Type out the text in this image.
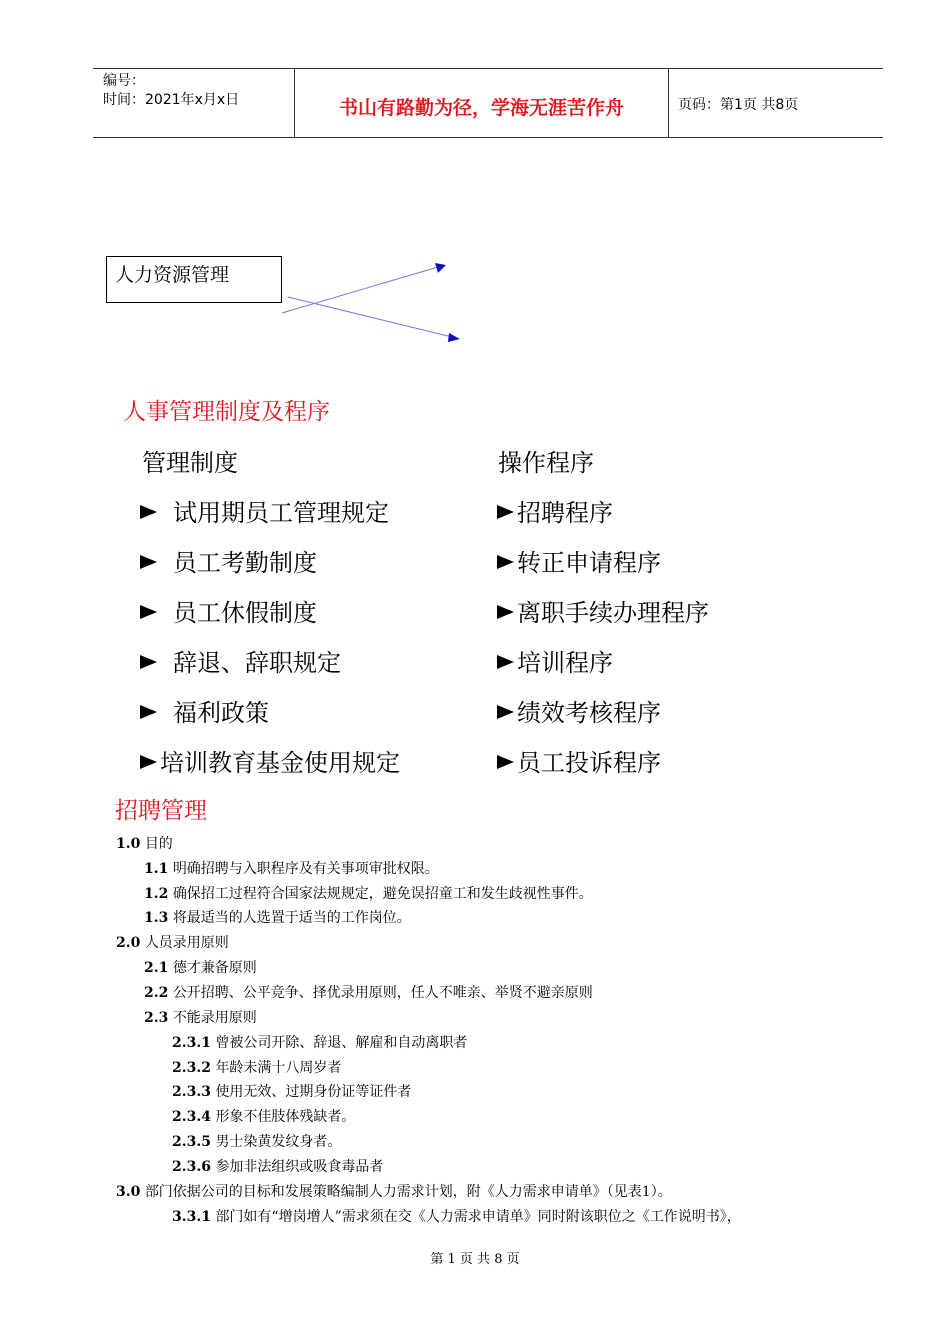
编号：
时间：2021年x月x日	书山有路勤为径，学海无涯苦作舟	页码：第1页 共8页
人力资源管理
人事管理制度及程序
管理制度	操作程序
试用期员工管理规定
员工考勤制度
员工休假制度
辞退、辞职规定
福利政策
培训教育基金使用规定
招聘程序
转正申请程序
离职手续办理程序
培训程序
绩效考核程序
员工投诉程序
招聘管理
1.0 目的
1.1 明确招聘与入职程序及有关事项审批权限。
1.2 确保招工过程符合国家法规规定，避免误招童工和发生歧视性事件。
1.3 将最适当的人选置于适当的工作岗位。
2.0 人员录用原则
2.1 德才兼备原则
2.2 公开招聘、公平竞争、择优录用原则，任人不唯亲、举贤不避亲原则
2.3 不能录用原则
2.3.1 曾被公司开除、辞退、解雇和自动离职者
2.3.2 年龄未满十八周岁者
2.3.3 使用无效、过期身份证等证件者
2.3.4 形象不佳肢体残缺者。
2.3.5 男士染黄发纹身者。
2.3.6 参加非法组织或吸食毒品者
3.0 部门依据公司的目标和发展策略编制人力需求计划，附《人力需求申请单》（见表1）。
3.3.1 部门如有“增岗增人”需求须在交《人力需求申请单》同时附该职位之《工作说明书》，
第 1 页 共 8 页
